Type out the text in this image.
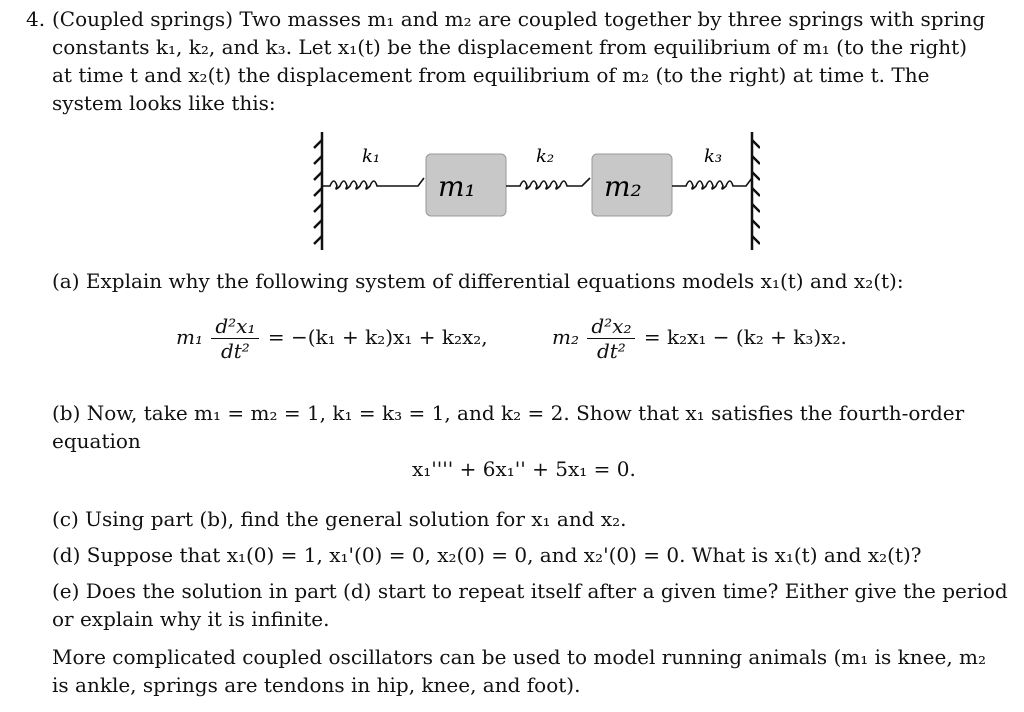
4. (Coupled springs) Two masses m₁ and m₂ are coupled together by three springs with spring
constants k₁, k₂, and k₃. Let x₁(t) be the displacement from equilibrium of m₁ (to the right)
at time t and x₂(t) the displacement from equilibrium of m₂ (to the right) at time t. The
system looks like this:
k₁	k₂	k₃
m₁	m₂
(a) Explain why the following system of differential equations models x₁(t) and x₂(t):
$m_1 \frac{\text{d²x₁}}{\text{dt²}} = -(k_1 + k_2)x_1 + k_2x_2$,	$m_2 \frac{\text{d²x₂}}{\text{dt²}} = k_2x_1 - (k_2 + k_3)x_2$.
(b) Now, take m₁ = m₂ = 1, k₁ = k₃ = 1, and k₂ = 2. Show that x₁ satisfies the fourth-order
equation
x₁'''' + 6x₁'' + 5x₁ = 0.
(c) Using part (b), find the general solution for x₁ and x₂.
(d) Suppose that x₁(0) = 1, x₁'(0) = 0, x₂(0) = 0, and x₂'(0) = 0. What is x₁(t) and x₂(t)?
(e) Does the solution in part (d) start to repeat itself after a given time? Either give the period
or explain why it is infinite.
More complicated coupled oscillators can be used to model running animals (m₁ is knee, m₂
is ankle, springs are tendons in hip, knee, and foot).
